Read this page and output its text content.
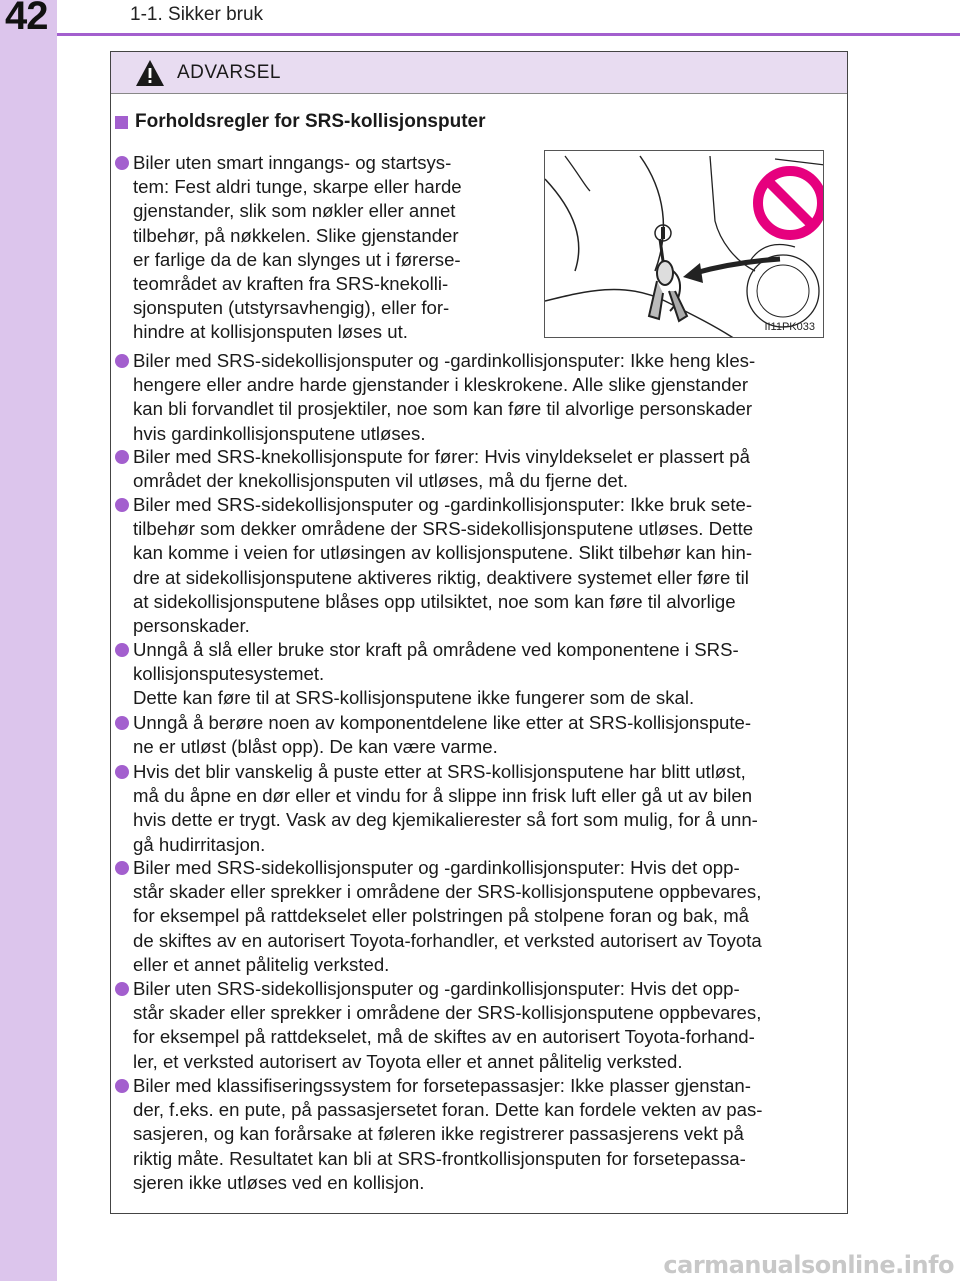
42	1-1. Sikker bruk
ADVARSEL
Forholdsregler for SRS-kollisjonsputer
II11PK033
Biler uten smart inngangs- og startsys-
tem: Fest aldri tunge, skarpe eller harde
gjenstander, slik som nøkler eller annet
tilbehør, på nøkkelen. Slike gjenstander
er farlige da de kan slynges ut i førerse-
teområdet av kraften fra SRS-knekolli-
sjonsputen (utstyrsavhengig), eller for-
hindre at kollisjonsputen løses ut.
Biler med SRS-sidekollisjonsputer og -gardinkollisjonsputer: Ikke heng kles-
hengere eller andre harde gjenstander i kleskrokene. Alle slike gjenstander
kan bli forvandlet til prosjektiler, noe som kan føre til alvorlige personskader
hvis gardinkollisjonsputene utløses.
Biler med SRS-knekollisjonspute for fører: Hvis vinyldekselet er plassert på
området der knekollisjonsputen vil utløses, må du fjerne det.
Biler med SRS-sidekollisjonsputer og -gardinkollisjonsputer: Ikke bruk sete-
tilbehør som dekker områdene der SRS-sidekollisjonsputene utløses. Dette
kan komme i veien for utløsingen av kollisjonsputene. Slikt tilbehør kan hin-
dre at sidekollisjonsputene aktiveres riktig, deaktivere systemet eller føre til
at sidekollisjonsputene blåses opp utilsiktet, noe som kan føre til alvorlige
personskader.
Unngå å slå eller bruke stor kraft på områdene ved komponentene i SRS-
kollisjonsputesystemet.
Dette kan føre til at SRS-kollisjonsputene ikke fungerer som de skal.
Unngå å berøre noen av komponentdelene like etter at SRS-kollisjonspute-
ne er utløst (blåst opp). De kan være varme.
Hvis det blir vanskelig å puste etter at SRS-kollisjonsputene har blitt utløst,
må du åpne en dør eller et vindu for å slippe inn frisk luft eller gå ut av bilen
hvis dette er trygt. Vask av deg kjemikalierester så fort som mulig, for å unn-
gå hudirritasjon.
Biler med SRS-sidekollisjonsputer og -gardinkollisjonsputer: Hvis det opp-
står skader eller sprekker i områdene der SRS-kollisjonsputene oppbevares,
for eksempel på rattdekselet eller polstringen på stolpene foran og bak, må
de skiftes av en autorisert Toyota-forhandler, et verksted autorisert av Toyota
eller et annet pålitelig verksted.
Biler uten SRS-sidekollisjonsputer og -gardinkollisjonsputer: Hvis det opp-
står skader eller sprekker i områdene der SRS-kollisjonsputene oppbevares,
for eksempel på rattdekselet, må de skiftes av en autorisert Toyota-forhand-
ler, et verksted autorisert av Toyota eller et annet pålitelig verksted.
Biler med klassifiseringssystem for forsetepassasjer: Ikke plasser gjenstan-
der, f.eks. en pute, på passasjersetet foran. Dette kan fordele vekten av pas-
sasjeren, og kan forårsake at føleren ikke registrerer passasjerens vekt på
riktig måte. Resultatet kan bli at SRS-frontkollisjonsputen for forsetepassa-
sjeren ikke utløses ved en kollisjon.
carmanualsonline.info
